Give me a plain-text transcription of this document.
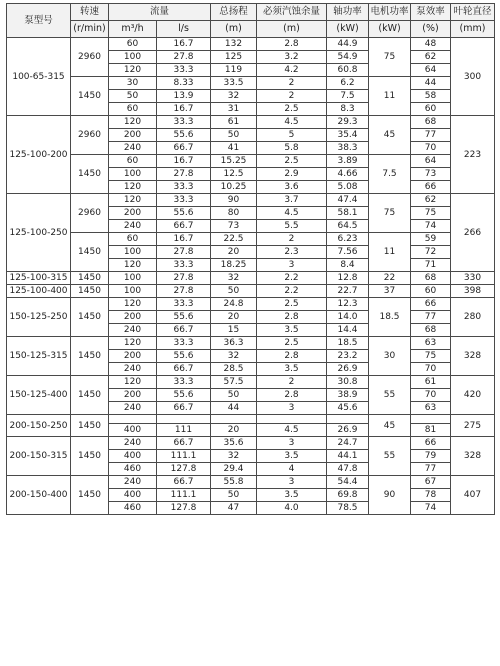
泵型号	转速	流量		总扬程	必须汽蚀余量	轴功率	电机功率	泵效率	叶轮直径
	(r/min)	m³/h	l/s	(m)	(m)	(kW)	(kW)	(%)	(mm)
100-65-315	2960	60	16.7	132	2.8	44.9	75	48	300
		100	27.8	125	3.2	54.9		62	
		120	33.3	119	4.2	60.8		64	
	1450	30	8.33	33.5	2	6.2	11	44	
		50	13.9	32	2	7.5		58	
		60	16.7	31	2.5	8.3		60	
125-100-200	2960	120	33.3	61	4.5	29.3	45	68	223
		200	55.6	50	5	35.4		77	
		240	66.7	41	5.8	38.3		70	
	1450	60	16.7	15.25	2.5	3.89	7.5	64	
		100	27.8	12.5	2.9	4.66		73	
		120	33.3	10.25	3.6	5.08		66	
125-100-250	2960	120	33.3	90	3.7	47.4	75	62	266
		200	55.6	80	4.5	58.1		75	
		240	66.7	73	5.5	64.5		74	
	1450	60	16.7	22.5	2	6.23	11	59	
		100	27.8	20	2.3	7.56		72	
		120	33.3	18.25	3	8.4		71	
125-100-315	1450	100	27.8	32	2.2	12.8	22	68	330
125-100-400	1450	100	27.8	50	2.2	22.7	37	60	398
150-125-250	1450	120	33.3	24.8	2.5	12.3	18.5	66	280
		200	55.6	20	2.8	14.0		77	
		240	66.7	15	3.5	14.4		68	
150-125-315	1450	120	33.3	36.3	2.5	18.5	30	63	328
		200	55.6	32	2.8	23.2		75	
		240	66.7	28.5	3.5	26.9		70	
150-125-400	1450	120	33.3	57.5	2	30.8	55	61	420
		200	55.6	50	2.8	38.9		70	
		240	66.7	44	3	45.6		63	
200-150-250	1450						45		275
		400	111	20	4.5	26.9		81	
200-150-315	1450	240	66.7	35.6	3	24.7	55	66	328
		400	111.1	32	3.5	44.1		79	
		460	127.8	29.4	4	47.8		77	
200-150-400	1450	240	66.7	55.8	3	54.4	90	67	407
		400	111.1	50	3.5	69.8		78	
		460	127.8	47	4.0	78.5		74	
